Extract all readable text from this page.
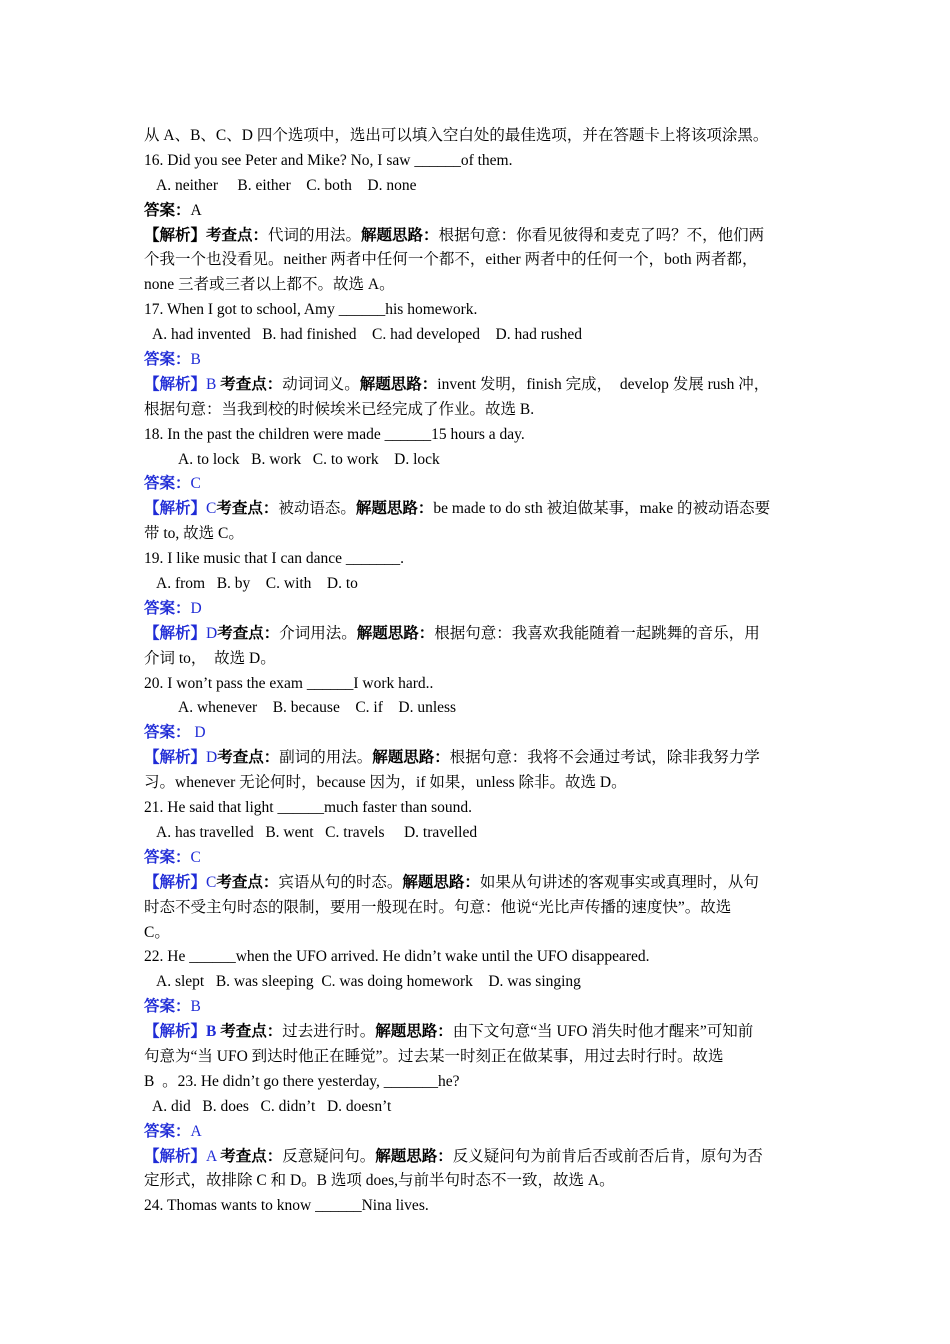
从 A、B、C、D 四个选项中，选出可以填入空白处的最佳选项，并在答题卡上将该项涂黑。
16. Did you see Peter and Mike? No, I saw ______of them.
A. neither     B. either    C. both    D. none
答案：A
【解析】考查点：代词的用法。解题思路：根据句意：你看见彼得和麦克了吗？不，他们两
个我一个也没看见。neither 两者中任何一个都不，either 两者中的任何一个，both 两者都，
none 三者或三者以上都不。故选 A。
17. When I got to school, Amy ______his homework.
A. had invented   B. had finished    C. had developed    D. had rushed
答案：B
【解析】B 考查点：动词词义。解题思路：invent 发明，finish 完成，  develop 发展 rush 冲，
根据句意：当我到校的时候埃米已经完成了作业。故选 B.
18. In the past the children were made ______15 hours a day.
A. to lock   B. work   C. to work    D. lock
答案：C
【解析】C考查点：被动语态。解题思路：be made to do sth 被迫做某事，make 的被动语态要
带 to, 故选 C。
19. I like music that I can dance _______.
A. from   B. by    C. with    D. to
答案：D
【解析】D考查点：介词用法。解题思路：根据句意：我喜欢我能随着一起跳舞的音乐，用
介词 to，  故选 D。
20. I won’t pass the exam ______I work hard..
A. whenever    B. because    C. if    D. unless
答案： D
【解析】D考查点：副词的用法。解题思路：根据句意：我将不会通过考试，除非我努力学
习。whenever 无论何时，because 因为，if 如果，unless 除非。故选 D。
21. He said that light ______much faster than sound.
A. has travelled   B. went   C. travels     D. travelled
答案：C
【解析】C考查点：宾语从句的时态。解题思路：如果从句讲述的客观事实或真理时，从句
时态不受主句时态的限制，要用一般现在时。句意：他说“光比声传播的速度快”。故选
C。
22. He ______when the UFO arrived. He didn’t wake until the UFO disappeared.
A. slept   B. was sleeping  C. was doing homework    D. was singing
答案：B
【解析】B 考查点：过去进行时。解题思路：由下文句意“当 UFO 消失时他才醒来”可知前
句意为“当 UFO 到达时他正在睡觉”。过去某一时刻正在做某事，用过去时行时。故选
B  。23. He didn’t go there yesterday, _______he?
A. did   B. does   C. didn’t   D. doesn’t
答案：A
【解析】A 考查点：反意疑问句。解题思路：反义疑问句为前肯后否或前否后肯，原句为否
定形式，故排除 C 和 D。B 选项 does,与前半句时态不一致，故选 A。
24. Thomas wants to know ______Nina lives.
